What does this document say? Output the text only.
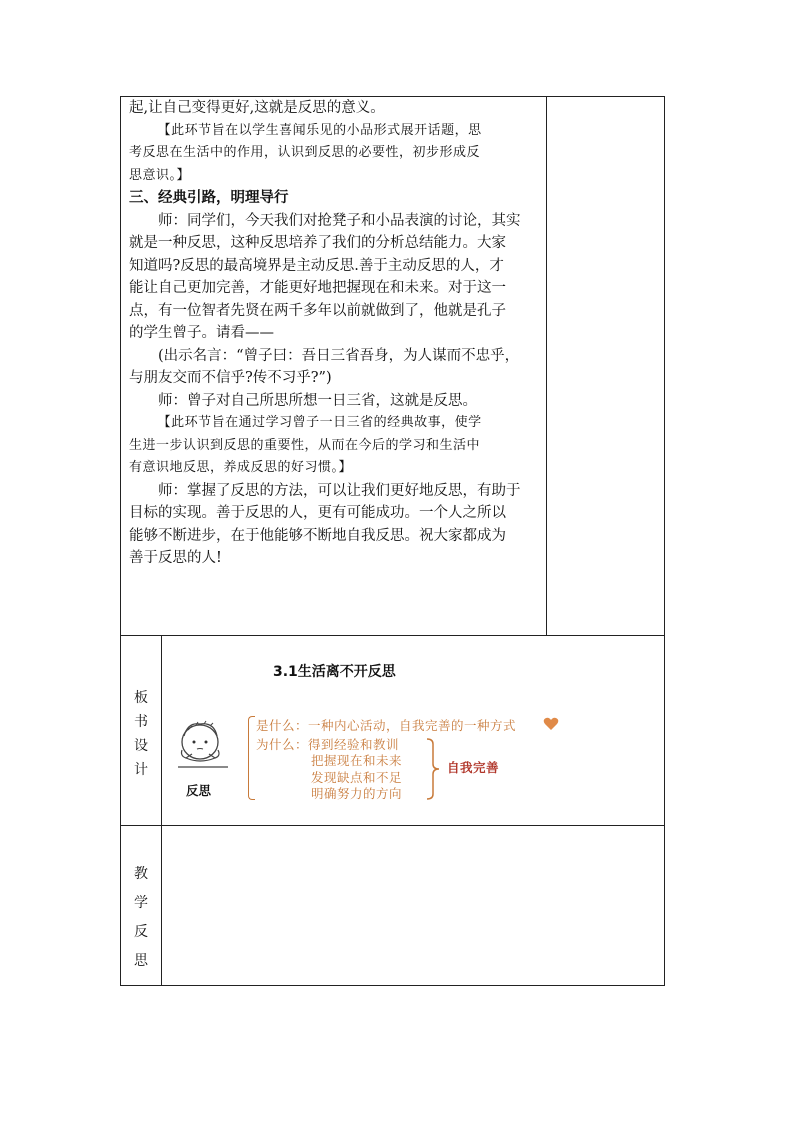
起,让自己变得更好,这就是反思的意义。

【此环节旨在以学生喜闻乐见的小品形式展开话题，思
考反思在生活中的作用，认识到反思的必要性，初步形成反
思意识。】

三、经典引路，明理导行

师：同学们，今天我们对抢凳子和小品表演的讨论，其实
就是一种反思，这种反思培养了我们的分析总结能力。大家
知道吗?反思的最高境界是主动反思.善于主动反思的人，才
能让自己更加完善，才能更好地把握现在和未来。对于这一
点，有一位智者先贤在两千多年以前就做到了，他就是孔子
的学生曾子。请看——
(出示名言：“曾子曰：吾日三省吾身，为人谋而不忠乎，
与朋友交而不信乎?传不习乎?”)
师：曾子对自己所思所想一日三省，这就是反思。
【此环节旨在通过学习曾子一日三省的经典故事，使学
生进一步认识到反思的重要性，从而在今后的学习和生活中
有意识地反思，养成反思的好习惯。】
师：掌握了反思的方法，可以让我们更好地反思，有助于
目标的实现。善于反思的人，更有可能成功。一个人之所以
能够不断进步，在于他能够不断地自我反思。祝大家都成为
善于反思的人!
板
书
设
计
3.1生活离不开反思
反思
是什么：一种内心活动，自我完善的一种方式
为什么：得到经验和教训
把握现在和未来
发现缺点和不足
明确努力的方向
自我完善
教
学
反
思
